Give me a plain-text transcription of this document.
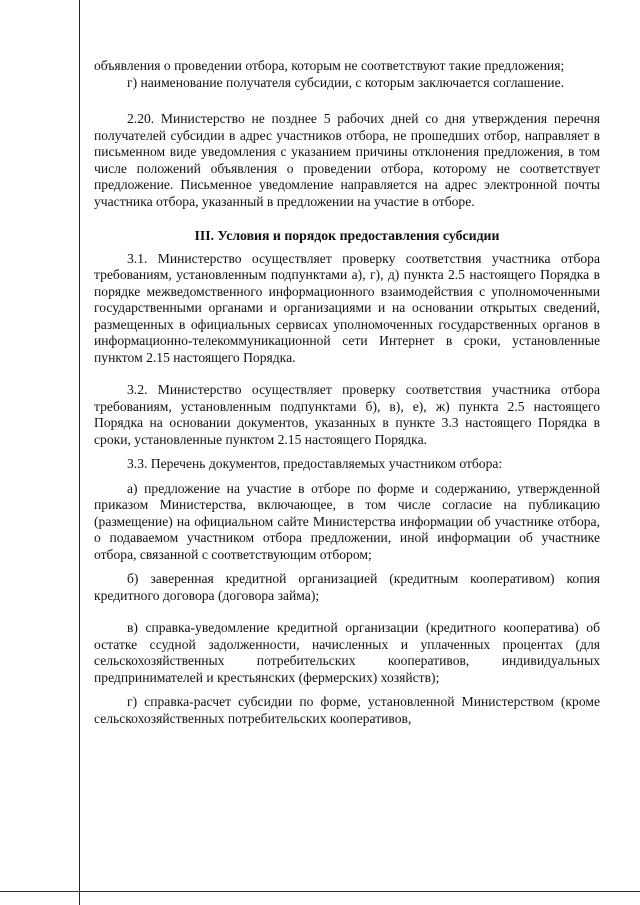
объявления о проведении отбора, которым не соответствуют такие предложения;

г) наименование получателя субсидии, с которым заключается соглашение.

2.20. Министерство не позднее 5 рабочих дней со дня утверждения перечня получателей субсидии в адрес участников отбора, не прошедших отбор, направляет в письменном виде уведомления с указанием причины отклонения предложения, в том числе положений объявления о проведении отбора, которому не соответствует предложение. Письменное уведомление направляется на адрес электронной почты участника отбора, указанный в предложении на участие в отборе.

III. Условия и порядок предоставления субсидии

3.1. Министерство осуществляет проверку соответствия участника отбора требованиям, установленным подпунктами а), г), д) пункта 2.5 настоящего Порядка в порядке межведомственного информационного взаимодействия с уполномоченными государственными органами и организациями и на основании открытых сведений, размещенных в официальных сервисах уполномоченных государственных органов в информационно-телекоммуникационной сети Интернет в сроки, установленные пунктом 2.15 настоящего Порядка.

3.2. Министерство осуществляет проверку соответствия участника отбора требованиям, установленным подпунктами б), в), е), ж) пункта 2.5 настоящего Порядка на основании документов, указанных в пункте 3.3 настоящего Порядка в сроки, установленные пунктом 2.15 настоящего Порядка.

3.3. Перечень документов, предоставляемых участником отбора:

а) предложение на участие в отборе по форме и содержанию, утвержденной приказом Министерства, включающее, в том числе согласие на публикацию (размещение) на официальном сайте Министерства информации об участнике отбора, о подаваемом участником отбора предложении, иной информации об участнике отбора, связанной с соответствующим отбором;

б) заверенная кредитной организацией (кредитным кооперативом) копия кредитного договора (договора займа);

в) справка-уведомление кредитной организации (кредитного кооператива) об остатке ссудной задолженности, начисленных и уплаченных процентах (для сельскохозяйственных потребительских кооперативов, индивидуальных предпринимателей и крестьянских (фермерских) хозяйств);

г) справка-расчет субсидии по форме, установленной Министерством (кроме сельскохозяйственных потребительских кооперативов,
